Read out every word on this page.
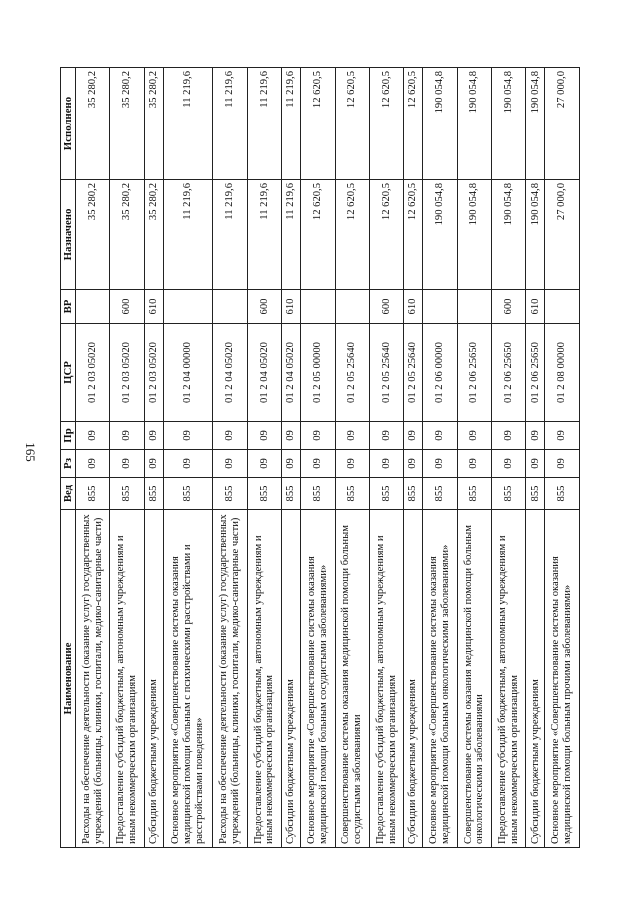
165
Наименование	Вед	Рз	Пр	ЦСР	ВР	Назначено	Исполнено
Расходы на обеспечение деятельности (оказание услуг) государственных учреждений (больницы, клиники, госпитали, медико-санитарные части)	855	09	09	01 2 03 05020		35 280,2	35 280,2
Предоставление субсидий бюджетным, автономным учреждениям и иным некоммерческим организациям	855	09	09	01 2 03 05020	600	35 280,2	35 280,2
Субсидии бюджетным учреждениям	855	09	09	01 2 03 05020	610	35 280,2	35 280,2
Основное мероприятие «Совершенствование системы оказания медицинской помощи больным с психическими расстройствами и расстройствами поведения»	855	09	09	01 2 04 00000		11 219,6	11 219,6
Расходы на обеспечение деятельности (оказание услуг) государственных учреждений (больницы, клиники, госпитали, медико-санитарные части)	855	09	09	01 2 04 05020		11 219,6	11 219,6
Предоставление субсидий бюджетным, автономным учреждениям и иным некоммерческим организациям	855	09	09	01 2 04 05020	600	11 219,6	11 219,6
Субсидии бюджетным учреждениям	855	09	09	01 2 04 05020	610	11 219,6	11 219,6
Основное мероприятие «Совершенствование системы оказания медицинской помощи больным сосудистыми заболеваниями»	855	09	09	01 2 05 00000		12 620,5	12 620,5
Совершенствование системы оказания медицинской помощи больным сосудистыми заболеваниями	855	09	09	01 2 05 25640		12 620,5	12 620,5
Предоставление субсидий бюджетным, автономным учреждениям и иным некоммерческим организациям	855	09	09	01 2 05 25640	600	12 620,5	12 620,5
Субсидии бюджетным учреждениям	855	09	09	01 2 05 25640	610	12 620,5	12 620,5
Основное мероприятие «Совершенствование системы оказания медицинской помощи больным онкологическими заболеваниями»	855	09	09	01 2 06 00000		190 054,8	190 054,8
Совершенствование системы оказания медицинской помощи больным онкологическими заболеваниями	855	09	09	01 2 06 25650		190 054,8	190 054,8
Предоставление субсидий бюджетным, автономным учреждениям и иным некоммерческим организациям	855	09	09	01 2 06 25650	600	190 054,8	190 054,8
Субсидии бюджетным учреждениям	855	09	09	01 2 06 25650	610	190 054,8	190 054,8
Основное мероприятие «Совершенствование системы оказания медицинской помощи больным прочими заболеваниями»	855	09	09	01 2 08 00000		27 000,0	27 000,0
